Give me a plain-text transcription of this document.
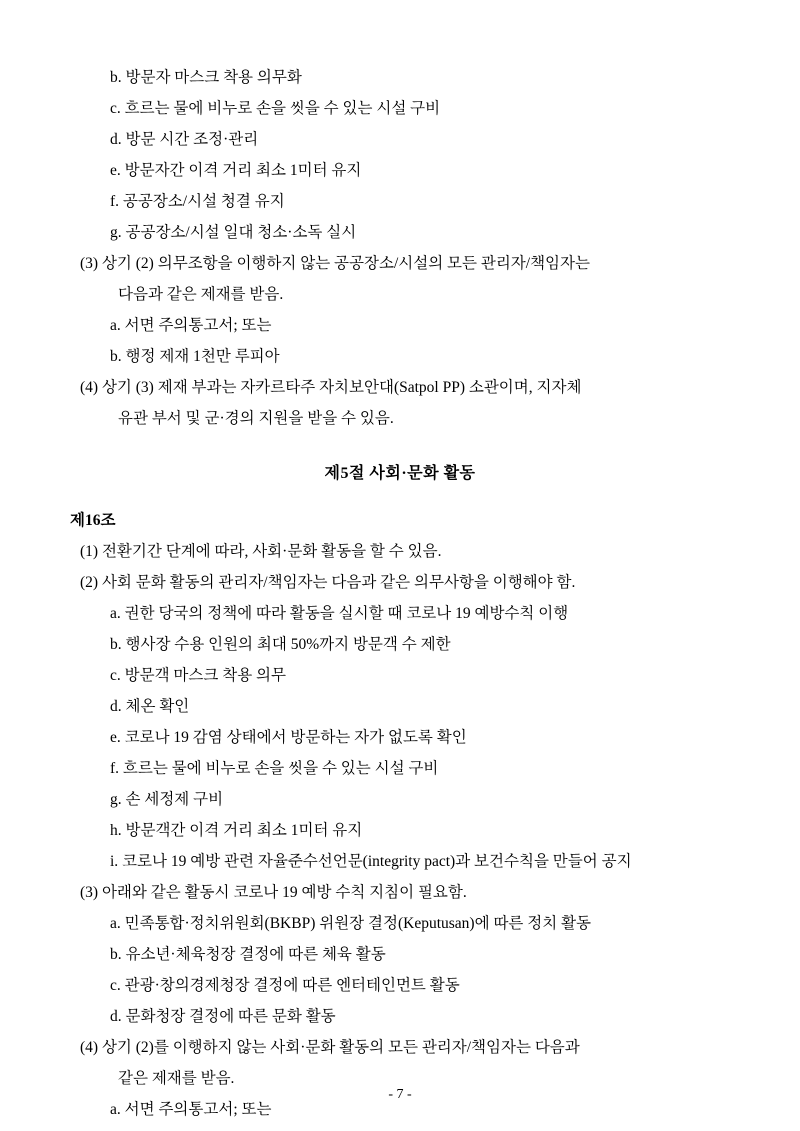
b. 방문자 마스크 착용 의무화
c. 흐르는 물에 비누로 손을 씻을 수 있는 시설 구비
d. 방문 시간 조정·관리
e. 방문자간 이격 거리 최소 1미터 유지
f. 공공장소/시설 청결 유지
g. 공공장소/시설 일대 청소·소독 실시
(3) 상기 (2) 의무조항을 이행하지 않는 공공장소/시설의 모든 관리자/책임자는
다음과 같은 제재를 받음.
a. 서면 주의통고서; 또는
b. 행정 제재 1천만 루피아
(4) 상기 (3) 제재 부과는 자카르타주 자치보안대(Satpol PP) 소관이며, 지자체
유관 부서 및 군·경의 지원을 받을 수 있음.
제5절 사회·문화 활동
제16조
(1) 전환기간 단계에 따라, 사회·문화 활동을 할 수 있음.
(2) 사회 문화 활동의 관리자/책임자는 다음과 같은 의무사항을 이행해야 함.
a. 권한 당국의 정책에 따라 활동을 실시할 때 코로나 19 예방수칙 이행
b. 행사장 수용 인원의 최대 50%까지 방문객 수 제한
c. 방문객 마스크 착용 의무
d. 체온 확인
e. 코로나 19 감염 상태에서 방문하는 자가 없도록 확인
f. 흐르는 물에 비누로 손을 씻을 수 있는 시설 구비
g. 손 세정제 구비
h. 방문객간 이격 거리 최소 1미터 유지
i. 코로나 19 예방 관련 자율준수선언문(integrity pact)과 보건수칙을 만들어 공지
(3) 아래와 같은 활동시 코로나 19 예방 수칙 지침이 필요함.
a. 민족통합·정치위원회(BKBP) 위원장 결정(Keputusan)에 따른 정치 활동
b. 유소년·체육청장 결정에 따른 체육 활동
c. 관광·창의경제청장 결정에 따른 엔터테인먼트 활동
d. 문화청장 결정에 따른 문화 활동
(4) 상기 (2)를 이행하지 않는 사회·문화 활동의 모든 관리자/책임자는 다음과
같은 제재를 받음.
a. 서면 주의통고서; 또는
- 7 -
